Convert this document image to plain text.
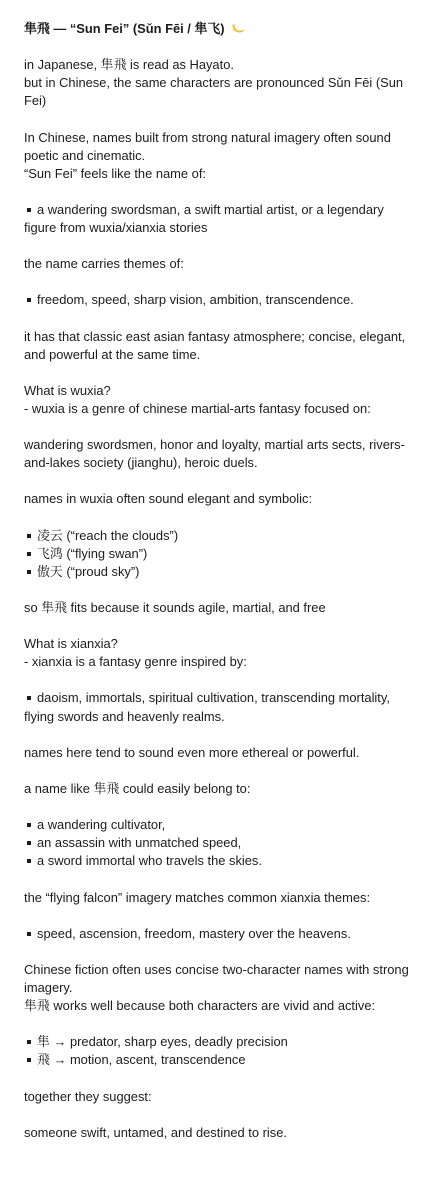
隼飛 — “Sun Fei” (Sǔn Fēi / 隼飞)

in Japanese, 隼飛 is read as Hayato.

but in Chinese, the same characters are pronounced Sǔn Fēi (Sun Fei)

In Chinese, names built from strong natural imagery often sound poetic and cinematic.

“Sun Fei” feels like the name of:

a wandering swordsman, a swift martial artist, or a legendary figure from wuxia/xianxia stories

the name carries themes of:

freedom, speed, sharp vision, ambition, transcendence.

it has that classic east asian fantasy atmosphere; concise, elegant, and powerful at the same time.

What is wuxia?

- wuxia is a genre of chinese martial-arts fantasy focused on:

wandering swordsmen, honor and loyalty, martial arts sects, rivers-and-lakes society (jianghu), heroic duels.

names in wuxia often sound elegant and symbolic:

凌云 (“reach the clouds”)

飞鸿 (“flying swan”)

傲天 (“proud sky”)

so 隼飛 fits because it sounds agile, martial, and free

What is xianxia?

- xianxia is a fantasy genre inspired by:

daoism, immortals, spiritual cultivation, transcending mortality, flying swords and heavenly realms.

names here tend to sound even more ethereal or powerful.

a name like 隼飛 could easily belong to:

a wandering cultivator,

an assassin with unmatched speed,

a sword immortal who travels the skies.

the “flying falcon” imagery matches common xianxia themes:

speed, ascension, freedom, mastery over the heavens.

Chinese fiction often uses concise two-character names with strong imagery.

隼飛 works well because both characters are vivid and active:

隼 → predator, sharp eyes, deadly precision

飛 → motion, ascent, transcendence

together they suggest:

someone swift, untamed, and destined to rise.
